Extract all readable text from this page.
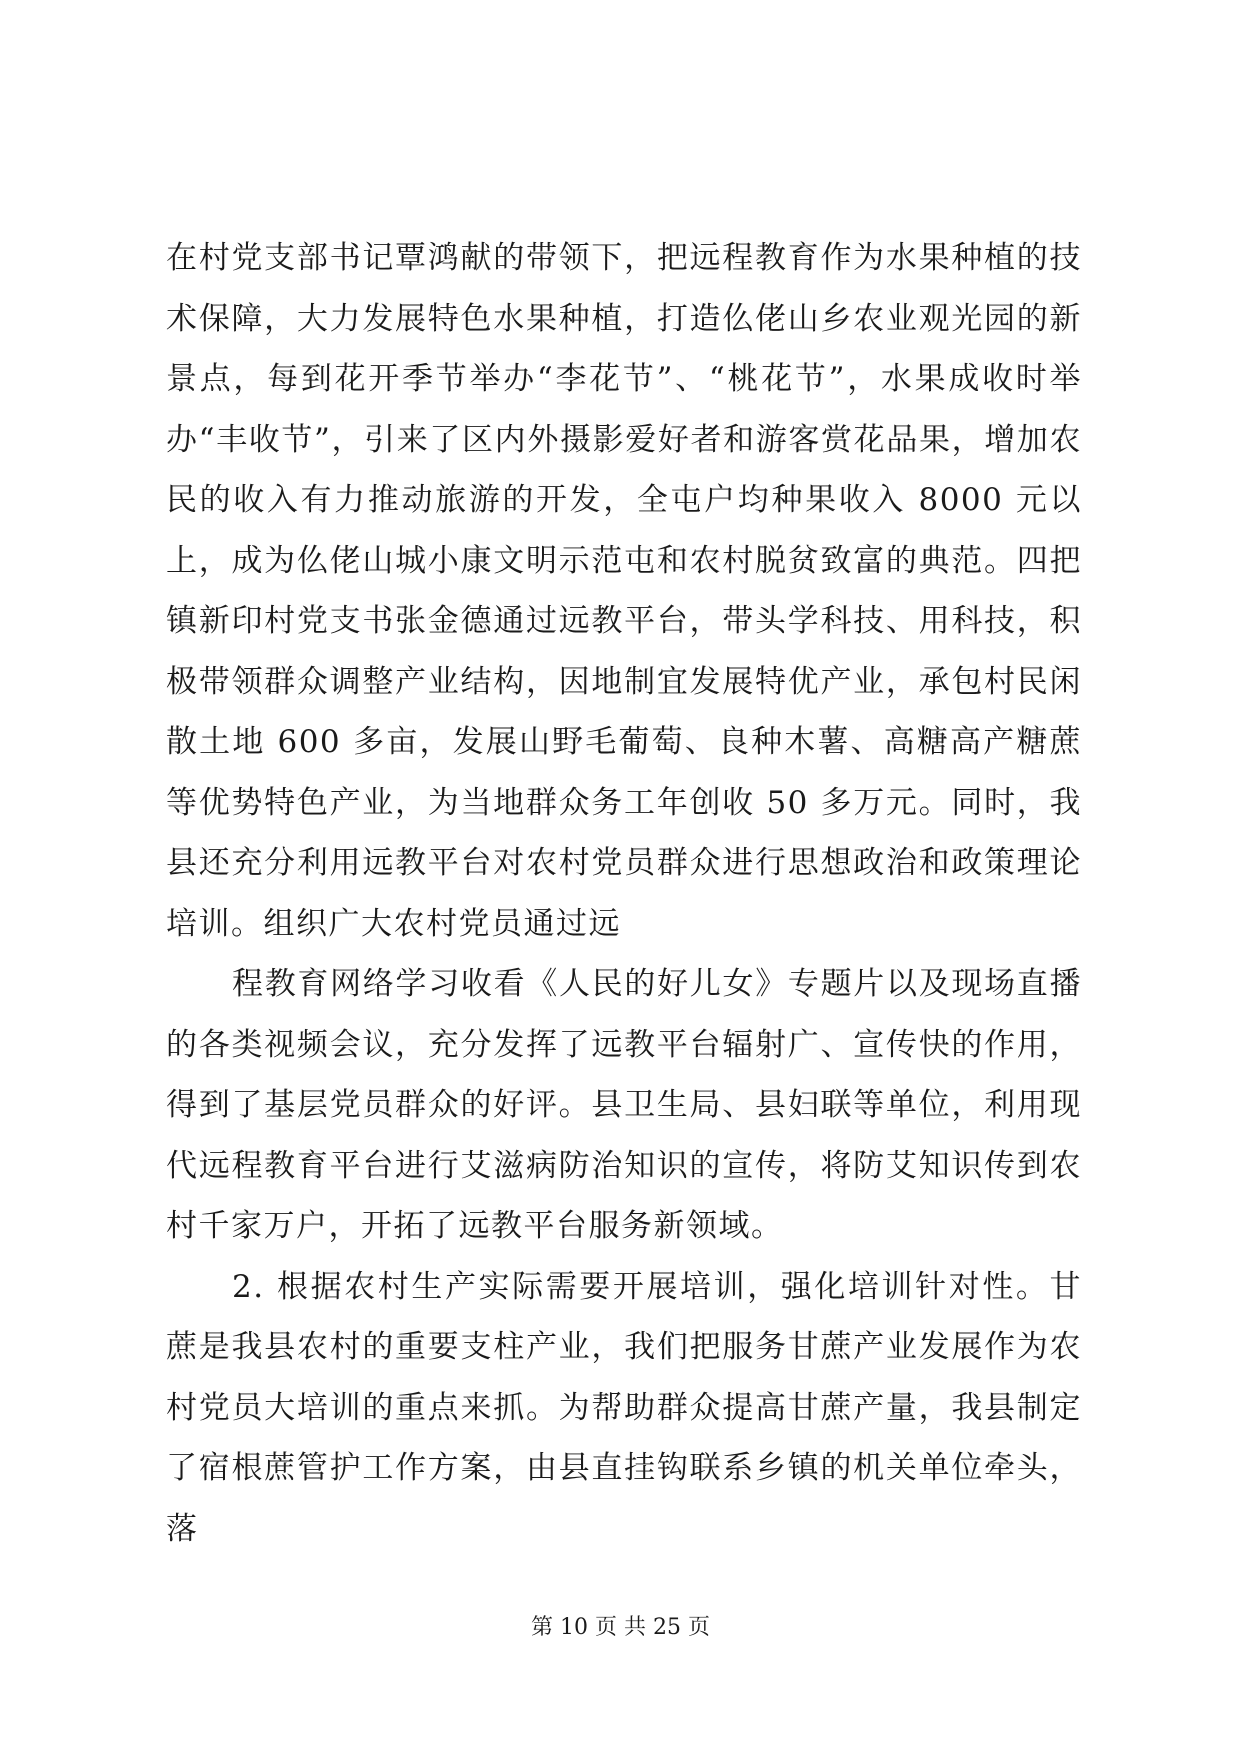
在村党支部书记覃鸿献的带领下，把远程教育作为水果种植的技术保障，大力发展特色水果种植，打造仫佬山乡农业观光园的新景点，每到花开季节举办“李花节”、“桃花节”，水果成收时举办“丰收节”，引来了区内外摄影爱好者和游客赏花品果，增加农民的收入有力推动旅游的开发，全屯户均种果收入 8000 元以上，成为仫佬山城小康文明示范屯和农村脱贫致富的典范。四把镇新印村党支书张金德通过远教平台，带头学科技、用科技，积极带领群众调整产业结构，因地制宜发展特优产业，承包村民闲散土地 600 多亩，发展山野毛葡萄、良种木薯、高糖高产糖蔗等优势特色产业，为当地群众务工年创收 50 多万元。同时，我县还充分利用远教平台对农村党员群众进行思想政治和政策理论培训。组织广大农村党员通过远

程教育网络学习收看《人民的好儿女》专题片以及现场直播的各类视频会议，充分发挥了远教平台辐射广、宣传快的作用，得到了基层党员群众的好评。县卫生局、县妇联等单位，利用现代远程教育平台进行艾滋病防治知识的宣传，将防艾知识传到农村千家万户，开拓了远教平台服务新领域。

2. 根据农村生产实际需要开展培训，强化培训针对性。甘蔗是我县农村的重要支柱产业，我们把服务甘蔗产业发展作为农村党员大培训的重点来抓。为帮助群众提高甘蔗产量，我县制定了宿根蔗管护工作方案，由县直挂钩联系乡镇的机关单位牵头，落

第 10 页 共 25 页
